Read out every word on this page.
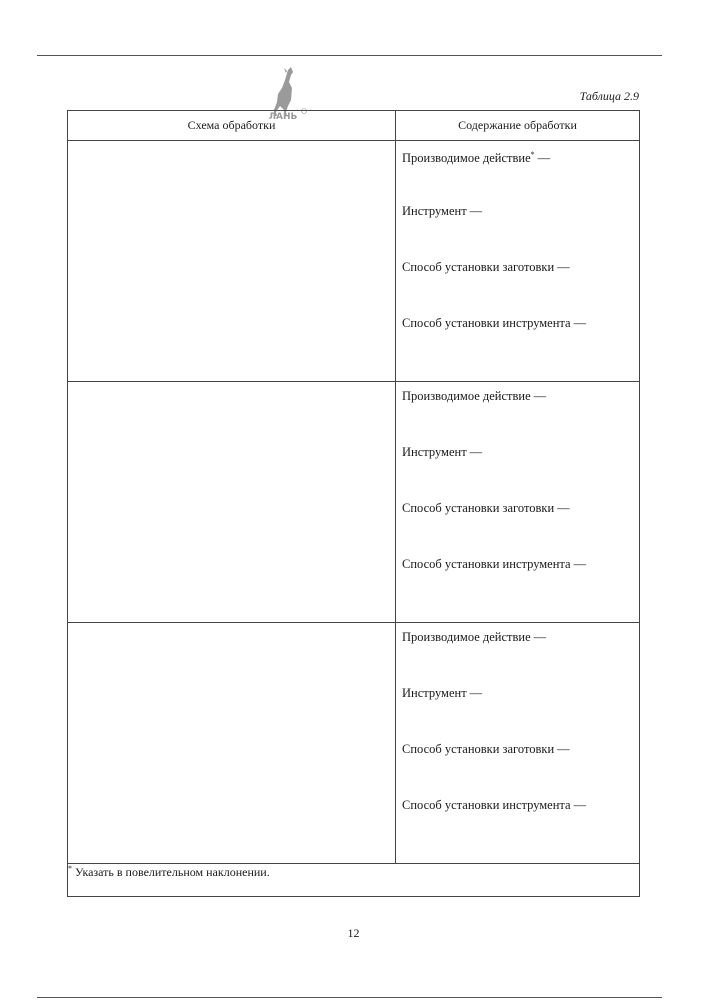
ЛАНЬ
Таблица 2.9
Схема обработки	Содержание обработки

	Производимое действие* —
Инструмент —
Способ установки заготовки —
Способ установки инструмента —

	Производимое действие —
Инструмент —
Способ установки заготовки —
Способ установки инструмента —

	Производимое действие —
Инструмент —
Способ установки заготовки —
Способ установки инструмента —

* Указать в повелительном наклонении.	
12
